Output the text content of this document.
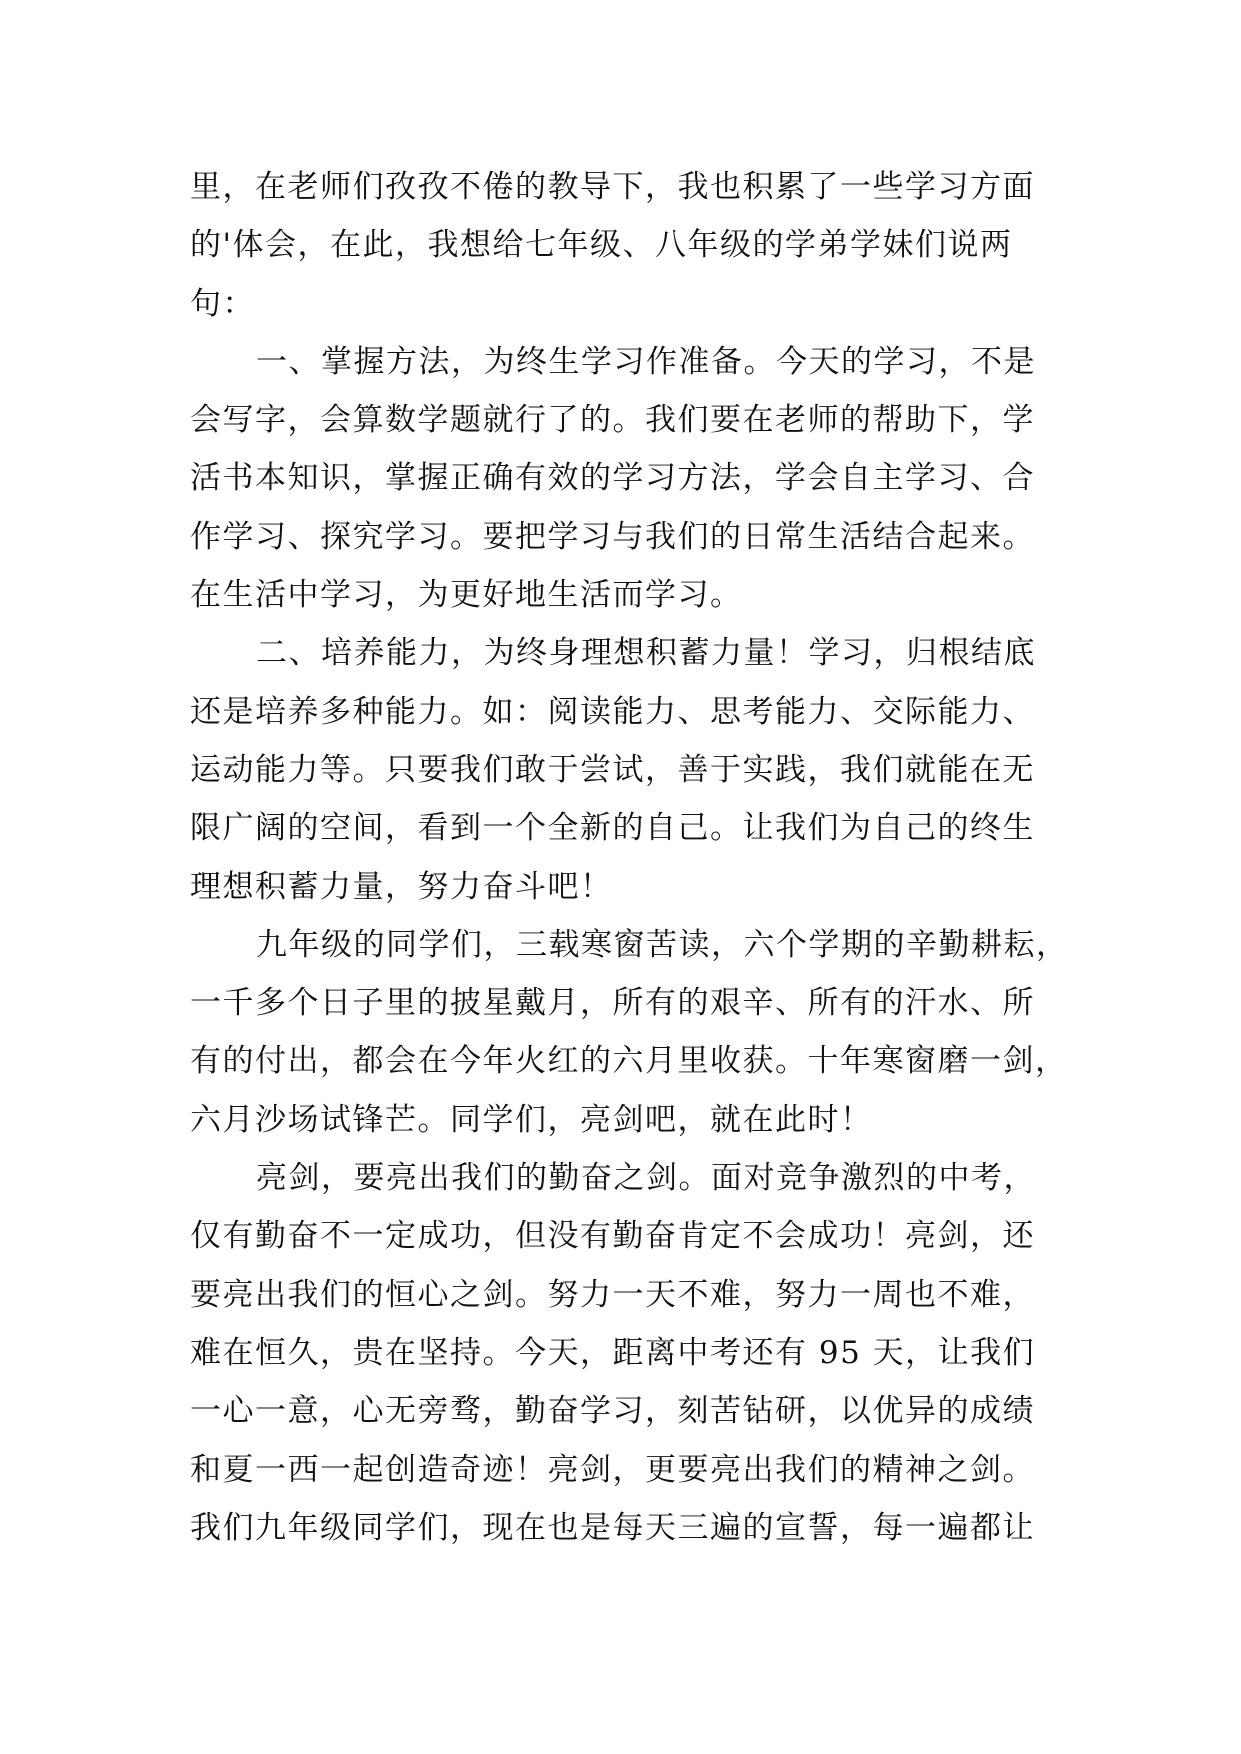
里，在老师们孜孜不倦的教导下，我也积累了一些学习方面
的'体会，在此，我想给七年级、八年级的学弟学妹们说两
句：
一、掌握方法，为终生学习作准备。今天的学习，不是
会写字，会算数学题就行了的。我们要在老师的帮助下，学
活书本知识，掌握正确有效的学习方法，学会自主学习、合
作学习、探究学习。要把学习与我们的日常生活结合起来。
在生活中学习，为更好地生活而学习。
二、培养能力，为终身理想积蓄力量！学习，归根结底
还是培养多种能力。如：阅读能力、思考能力、交际能力、
运动能力等。只要我们敢于尝试，善于实践，我们就能在无
限广阔的空间，看到一个全新的自己。让我们为自己的终生
理想积蓄力量，努力奋斗吧！
九年级的同学们，三载寒窗苦读，六个学期的辛勤耕耘，
一千多个日子里的披星戴月，所有的艰辛、所有的汗水、所
有的付出，都会在今年火红的六月里收获。十年寒窗磨一剑，
六月沙场试锋芒。同学们，亮剑吧，就在此时！
亮剑，要亮出我们的勤奋之剑。面对竞争激烈的中考，
仅有勤奋不一定成功，但没有勤奋肯定不会成功！亮剑，还
要亮出我们的恒心之剑。努力一天不难，努力一周也不难，
难在恒久，贵在坚持。今天，距离中考还有 95 天，让我们
一心一意，心无旁骛，勤奋学习，刻苦钻研，以优异的成绩
和夏一西一起创造奇迹！亮剑，更要亮出我们的精神之剑。
我们九年级同学们，现在也是每天三遍的宣誓，每一遍都让
